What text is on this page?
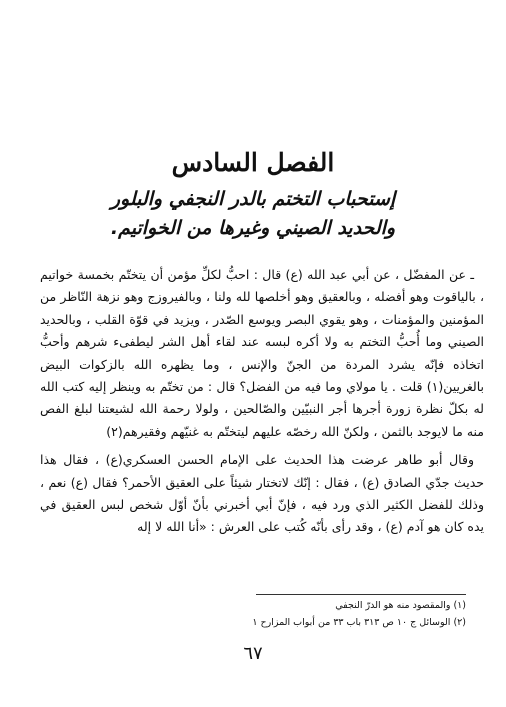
الفصل السادس
إستحباب التختم بالدر النجفي والبلور
والحديد الصيني وغيرها من الخواتيم.

ـ عن المفضّل ، عن أبي عبد الله (ع) قال : احبُّ لكلِّ مؤمن أن يتختّم بخمسة خواتيم ، بالياقوت وهو أفضله ، وبالعقيق وهو أخلصها لله ولنا ، وبالفيروزج وهو نزهة النّاظر من المؤمنين والمؤمنات ، وهو يقوي البصر ويوسع الصّدر ، ويزيد في قوّة القلب ، وبالحديد الصيني وما أُحبُّ التختم به ولا أكره لبسه عند لقاء أهل الشر ليطفىء شرهم وأحبُّ اتخاذه فإنّه يشرد المردة من الجنّ والإنس ، وما يظهره الله بالزكوات البيض بالغريين(١) قلت . يا مولاي وما فيه من الفضل؟ قال : من تختّم به وينظر إليه كتب الله له بكلّ نظرة زورة أجرها أجر النبيّين والصّالحين ، ولولا رحمة الله لشيعتنا لبلغ الفص منه ما لايوجد بالثمن ، ولكنّ الله رخصّه عليهم ليتختّم به غنيّهم وفقيرهم(٢)

وقال أبو طاهر عرضت هذا الحديث على الإمام الحسن العسكري(ع) ، فقال هذا حديث جدّي الصادق (ع) ، فقال : إنّك لاتختار شيئاً على العقيق الأحمر؟ فقال (ع) نعم ، وذلك للفضل الكثير الذي ورد فيه ، فإنّ أبي أخبرني بأنّ أوّل شخص لبس العقيق في يده كان هو آدم (ع) ، وقد رأى بأنّه كُتب على العرش : «أنا الله لا إله

(١) والمقصود منه هو الدرّ النجفي
(٢) الوسائل ج ١٠ ص ٣١٣ باب ٣٣ من أبواب المزارح ١
٦٧
